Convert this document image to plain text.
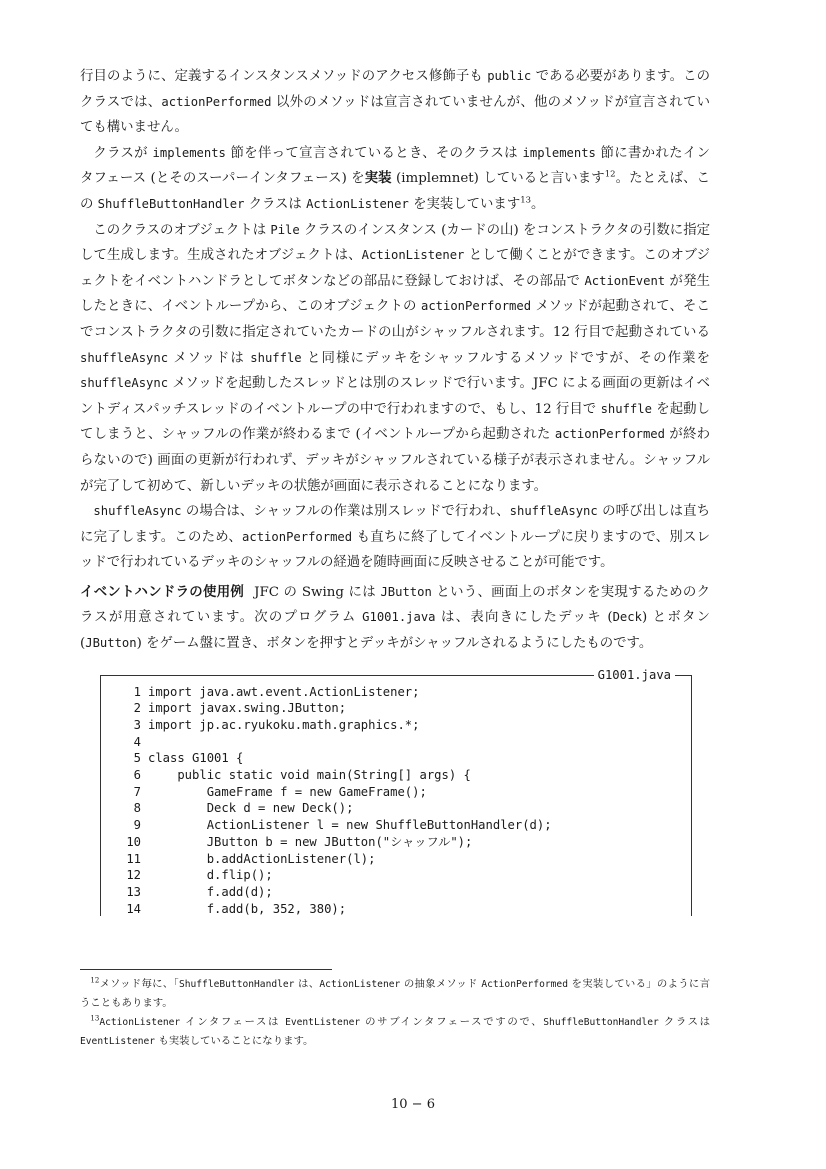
行目のように、定義するインスタンスメソッドのアクセス修飾子も public である必要があります。このクラスでは、actionPerformed 以外のメソッドは宣言されていませんが、他のメソッドが宣言されていても構いません。

クラスが implements 節を伴って宣言されているとき、そのクラスは implements 節に書かれたインタフェース (とそのスーパーインタフェース) を実装 (implemnet) していると言います$^{12}$。たとえば、この ShuffleButtonHandler クラスは ActionListener を実装しています$^{13}$。

このクラスのオブジェクトは Pile クラスのインスタンス (カードの山) をコンストラクタの引数に指定して生成します。生成されたオブジェクトは、ActionListener として働くことができます。このオブジェクトをイベントハンドラとしてボタンなどの部品に登録しておけば、その部品で ActionEvent が発生したときに、イベントループから、このオブジェクトの actionPerformed メソッドが起動されて、そこでコンストラクタの引数に指定されていたカードの山がシャッフルされます。12 行目で起動されている shuffleAsync メソッドは shuffle と同様にデッキをシャッフルするメソッドですが、その作業を shuffleAsync メソッドを起動したスレッドとは別のスレッドで行います。JFC による画面の更新はイベントディスパッチスレッドのイベントループの中で行われますので、もし、12 行目で shuffle を起動してしまうと、シャッフルの作業が終わるまで (イベントループから起動された actionPerformed が終わらないので) 画面の更新が行われず、デッキがシャッフルされている様子が表示されません。シャッフルが完了して初めて、新しいデッキの状態が画面に表示されることになります。

shuffleAsync の場合は、シャッフルの作業は別スレッドで行われ、shuffleAsync の呼び出しは直ちに完了します。このため、actionPerformed も直ちに終了してイベントループに戻りますので、別スレッドで行われているデッキのシャッフルの経過を随時画面に反映させることが可能です。

イベントハンドラの使用例 JFC の Swing には JButton という、画面上のボタンを実現するためのクラスが用意されています。次のプログラム G1001.java は、表向きにしたデッキ (Deck) とボタン (JButton) をゲーム盤に置き、ボタンを押すとデッキがシャッフルされるようにしたものです。

G1001.java
1 import java.awt.event.ActionListener;
2 import javax.swing.JButton;
3 import jp.ac.ryukoku.math.graphics.*;
4
5 class G1001 {
6    public static void main(String[] args) {
7        GameFrame f = new GameFrame();
8        Deck d = new Deck();
9        ActionListener l = new ShuffleButtonHandler(d);
10        JButton b = new JButton("シャッフル");
11        b.addActionListener(l);
12        d.flip();
13        f.add(d);
14        f.add(b, 352, 380);

$^{12}$メソッド毎に、「ShuffleButtonHandler は、ActionListener の抽象メソッド ActionPerformed を実装している」のように言うこともあります。

$^{13}$ActionListener インタフェースは EventListener のサブインタフェースですので、ShuffleButtonHandler クラスは EventListener も実装していることになります。

10 − 6
